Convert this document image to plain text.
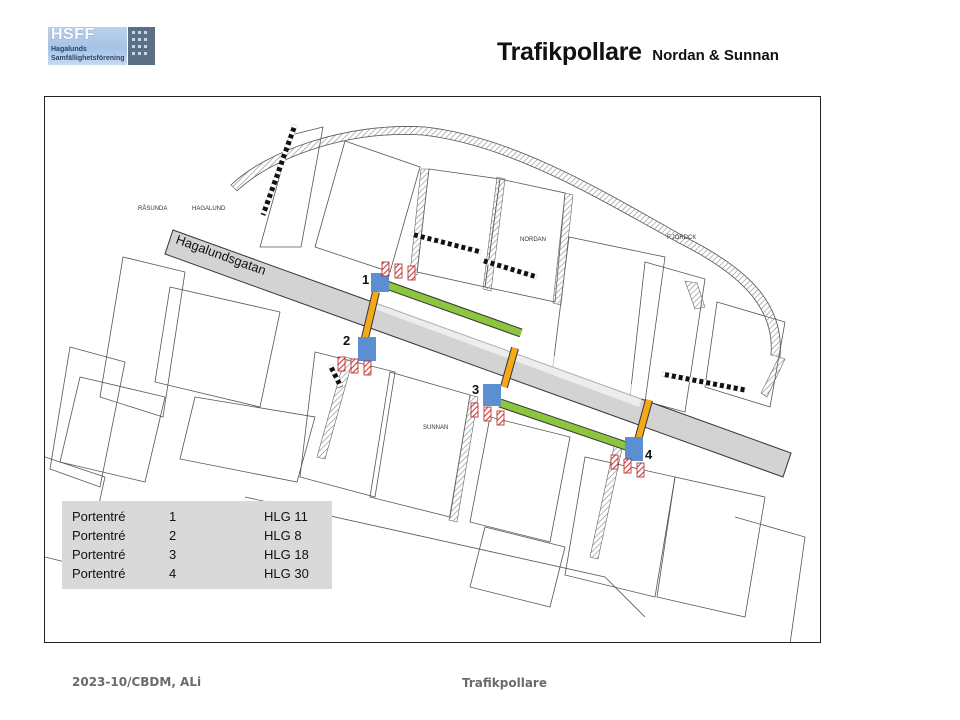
HSFF
Hagalunds
Samfällighetsförening	Trafikpollare Nordan & Sunnan
1
2
3
4
Hagalundsgatan
RÅSUNDA	HAGALUND
NORDAN
SUNNAN
F.JORDCK
Portentré	1	HLG 11
Portentré	2	HLG 8
Portentré	3	HLG 18
Portentré	4	HLG 30
2023-10/CBDM, ALi	Trafikpollare
